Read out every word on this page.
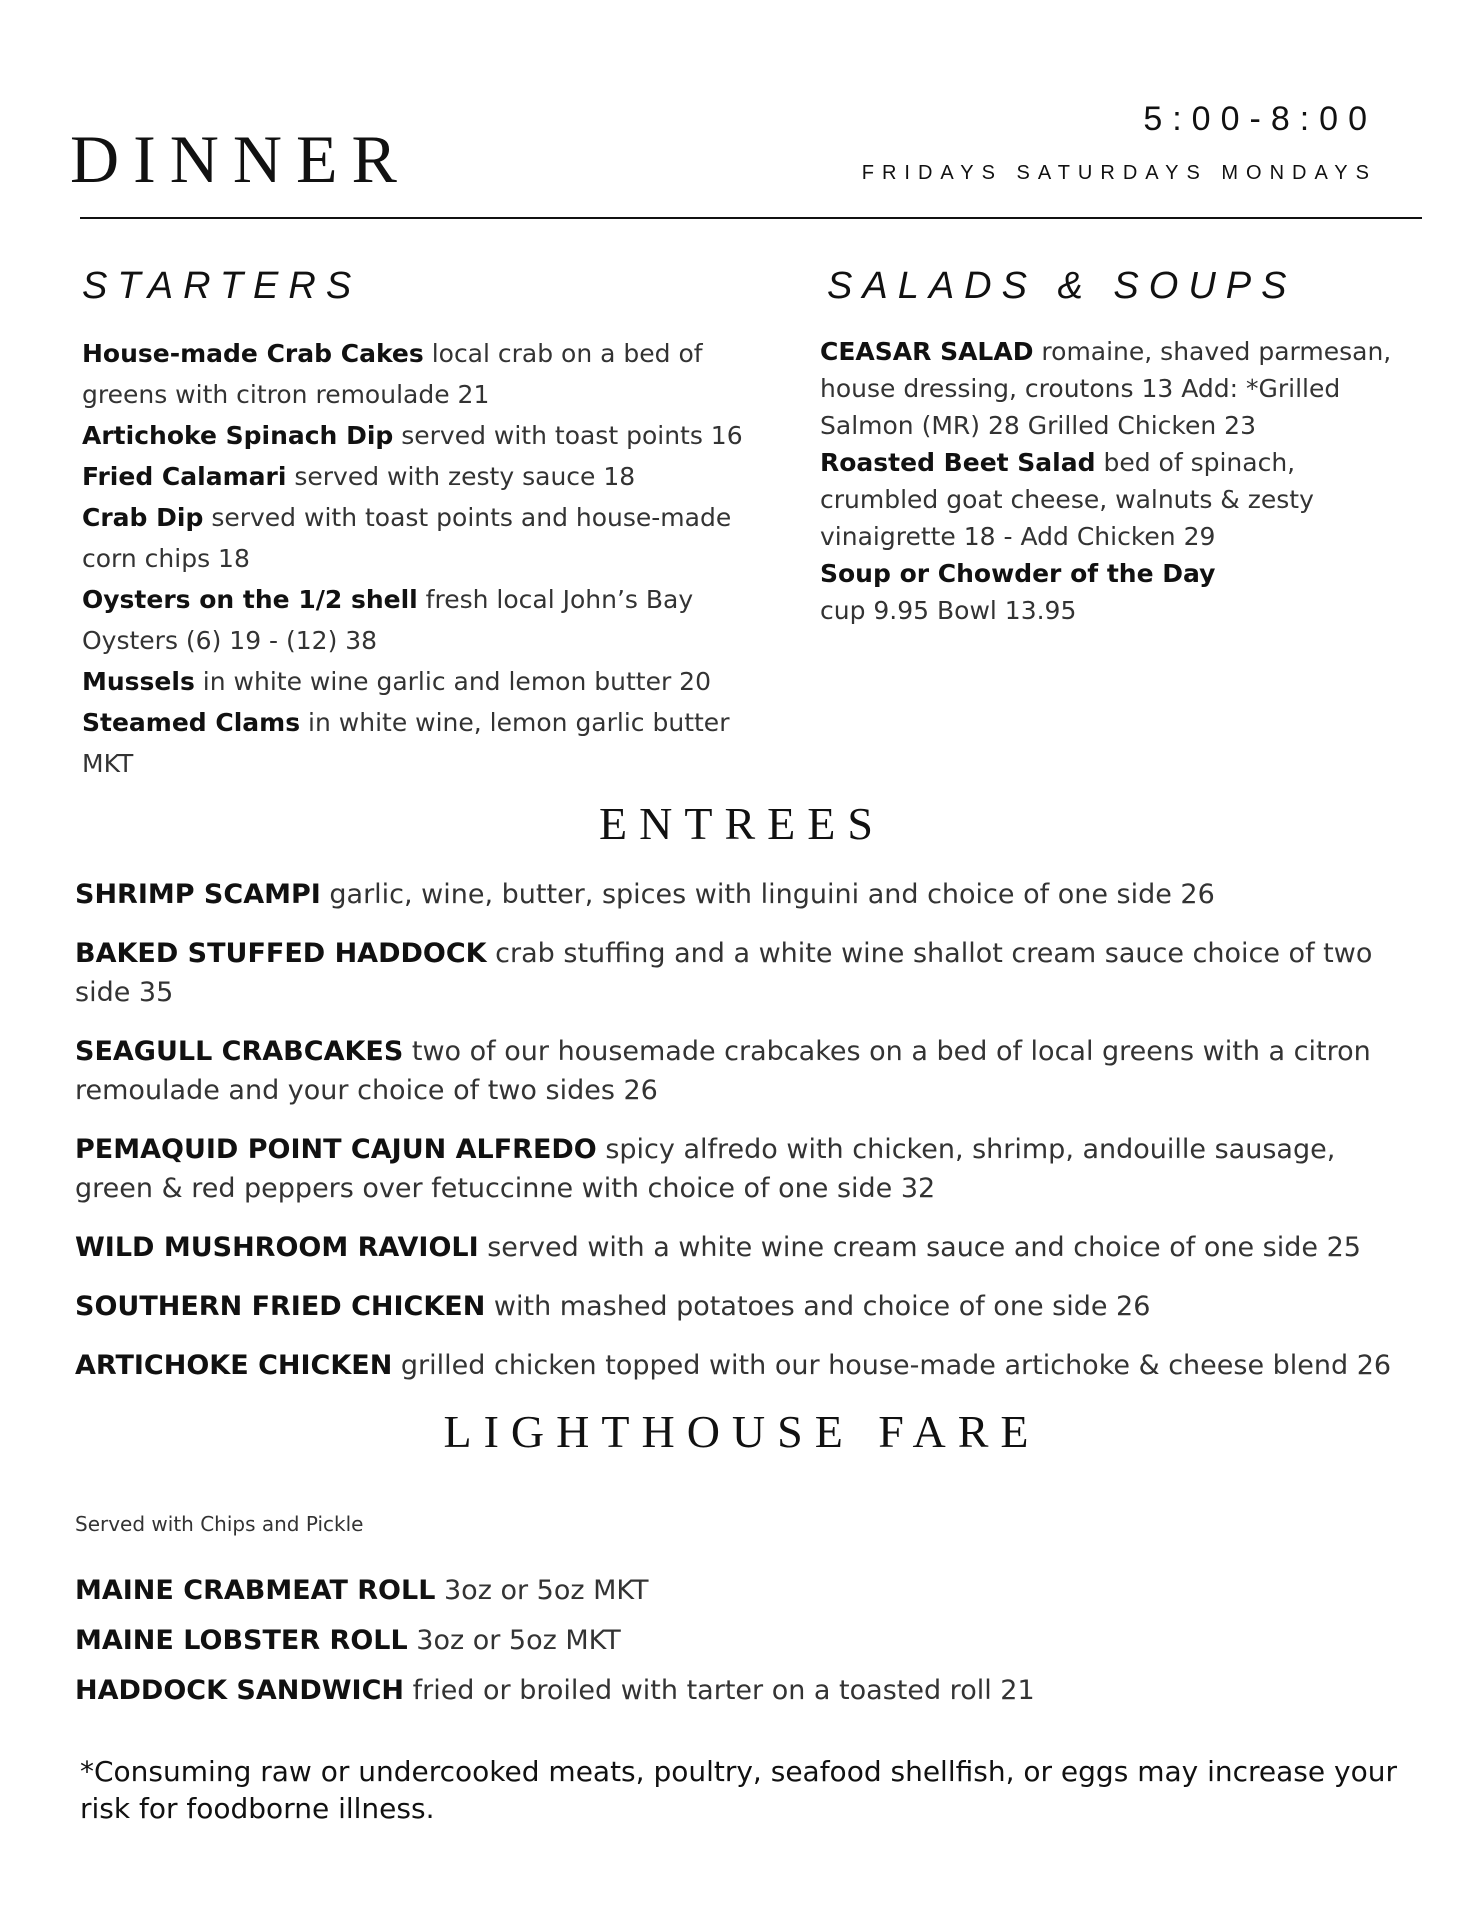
DINNER

5:00-8:00

FRIDAYS SATURDAYS MONDAYS

STARTERS

House-made Crab Cakes local crab on a bed of greens with citron remoulade 21

Artichoke Spinach Dip served with toast points 16

Fried Calamari served with zesty sauce 18

Crab Dip served with toast points and house-made corn chips 18

Oysters on the 1/2 shell fresh local John’s Bay Oysters (6) 19 - (12) 38

Mussels in white wine garlic and lemon butter 20

Steamed Clams in white wine, lemon garlic butter MKT

SALADS & SOUPS

CEASAR SALAD romaine, shaved parmesan, house dressing, croutons 13 Add: *Grilled Salmon (MR) 28 Grilled Chicken 23

Roasted Beet Salad bed of spinach, crumbled goat cheese, walnuts & zesty vinaigrette 18 - Add Chicken 29

Soup or Chowder of the Day
cup 9.95 Bowl 13.95

ENTREES

SHRIMP SCAMPI garlic, wine, butter, spices with linguini and choice of one side 26

BAKED STUFFED HADDOCK crab stuffing and a white wine shallot cream sauce choice of two side 35

SEAGULL CRABCAKES two of our housemade crabcakes on a bed of local greens with a citron remoulade and your choice of two sides 26

PEMAQUID POINT CAJUN ALFREDO spicy alfredo with chicken, shrimp, andouille sausage, green & red peppers over fetuccinne with choice of one side 32

WILD MUSHROOM RAVIOLI served with a white wine cream sauce and choice of one side 25

SOUTHERN FRIED CHICKEN with mashed potatoes and choice of one side 26

ARTICHOKE CHICKEN grilled chicken topped with our house-made artichoke & cheese blend 26

LIGHTHOUSE FARE

Served with Chips and Pickle

MAINE CRABMEAT ROLL 3oz or 5oz MKT

MAINE LOBSTER ROLL 3oz or 5oz MKT

HADDOCK SANDWICH fried or broiled with tarter on a toasted roll 21

*Consuming raw or undercooked meats, poultry, seafood shellfish, or eggs may increase your risk for foodborne illness.
